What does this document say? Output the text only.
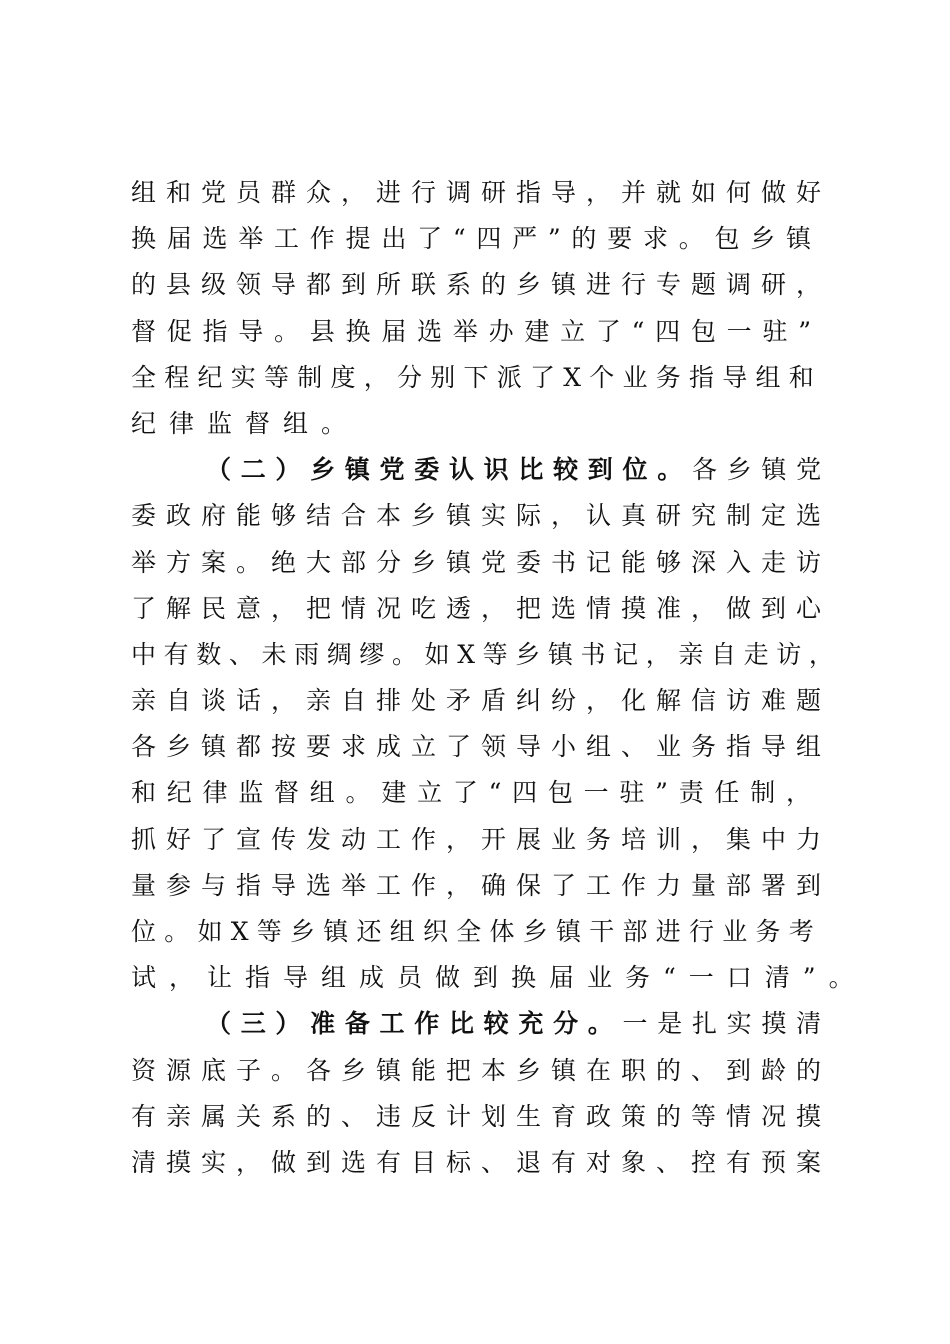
组和党员群众，进行调研指导，并就如何做好
换届选举工作提出了“四严”的要求。包乡镇
的县级领导都到所联系的乡镇进行专题调研，
督促指导。县换届选举办建立了“四包一驻”
全程纪实等制度，分别下派了X个业务指导组和
纪律监督组。
（二）乡镇党委认识比较到位。各乡镇党
委政府能够结合本乡镇实际，认真研究制定选
举方案。绝大部分乡镇党委书记能够深入走访
了解民意，把情况吃透，把选情摸准，做到心
中有数、未雨绸缪。如X等乡镇书记，亲自走访，
亲自谈话，亲自排处矛盾纠纷，化解信访难题
各乡镇都按要求成立了领导小组、业务指导组
和纪律监督组。建立了“四包一驻”责任制，
抓好了宣传发动工作，开展业务培训，集中力
量参与指导选举工作，确保了工作力量部署到
位。如X等乡镇还组织全体乡镇干部进行业务考
试，让指导组成员做到换届业务“一口清”。
（三）准备工作比较充分。一是扎实摸清
资源底子。各乡镇能把本乡镇在职的、到龄的
有亲属关系的、违反计划生育政策的等情况摸
清摸实，做到选有目标、退有对象、控有预案
